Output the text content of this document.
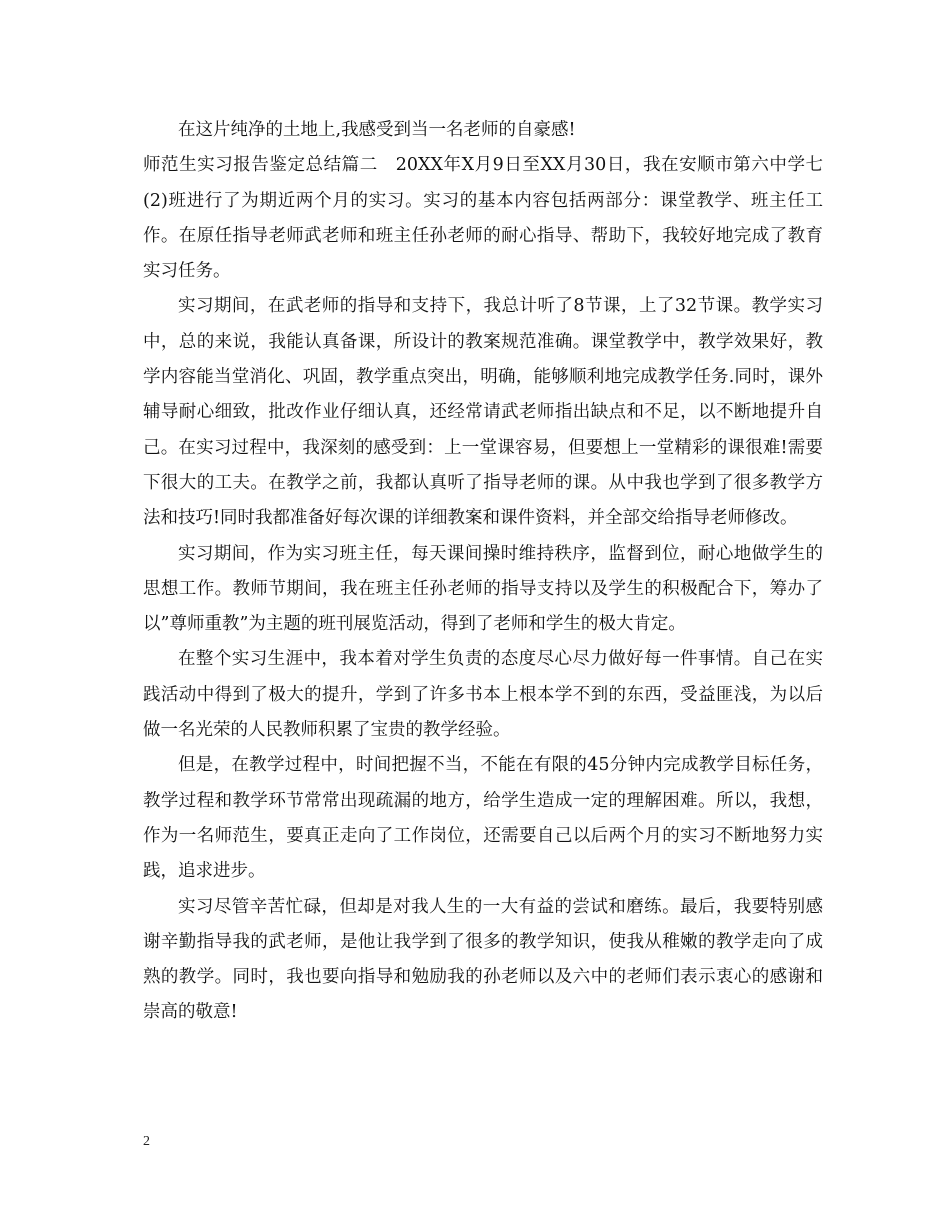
在这片纯净的土地上,我感受到当一名老师的自豪感!

师范生实习报告鉴定总结篇二 20XX年X月9日至XX月30日，我在安顺市第六中学七(2)班进行了为期近两个月的实习。实习的基本内容包括两部分：课堂教学、班主任工作。在原任指导老师武老师和班主任孙老师的耐心指导、帮助下，我较好地完成了教育实习任务。

实习期间，在武老师的指导和支持下，我总计听了8节课，上了32节课。教学实习中，总的来说，我能认真备课，所设计的教案规范准确。课堂教学中，教学效果好，教学内容能当堂消化、巩固，教学重点突出，明确，能够顺利地完成教学任务.同时，课外辅导耐心细致，批改作业仔细认真，还经常请武老师指出缺点和不足，以不断地提升自己。在实习过程中，我深刻的感受到：上一堂课容易，但要想上一堂精彩的课很难!需要下很大的工夫。在教学之前，我都认真听了指导老师的课。从中我也学到了很多教学方法和技巧!同时我都准备好每次课的详细教案和课件资料，并全部交给指导老师修改。

实习期间，作为实习班主任，每天课间操时维持秩序，监督到位，耐心地做学生的思想工作。教师节期间，我在班主任孙老师的指导支持以及学生的积极配合下，筹办了以”尊师重教”为主题的班刊展览活动，得到了老师和学生的极大肯定。

在整个实习生涯中，我本着对学生负责的态度尽心尽力做好每一件事情。自己在实践活动中得到了极大的提升，学到了许多书本上根本学不到的东西，受益匪浅，为以后做一名光荣的人民教师积累了宝贵的教学经验。

但是，在教学过程中，时间把握不当，不能在有限的45分钟内完成教学目标任务，教学过程和教学环节常常出现疏漏的地方，给学生造成一定的理解困难。所以，我想，作为一名师范生，要真正走向了工作岗位，还需要自己以后两个月的实习不断地努力实践，追求进步。

实习尽管辛苦忙碌，但却是对我人生的一大有益的尝试和磨练。最后，我要特别感谢辛勤指导我的武老师，是他让我学到了很多的教学知识，使我从稚嫩的教学走向了成熟的教学。同时，我也要向指导和勉励我的孙老师以及六中的老师们表示衷心的感谢和崇高的敬意!

2
